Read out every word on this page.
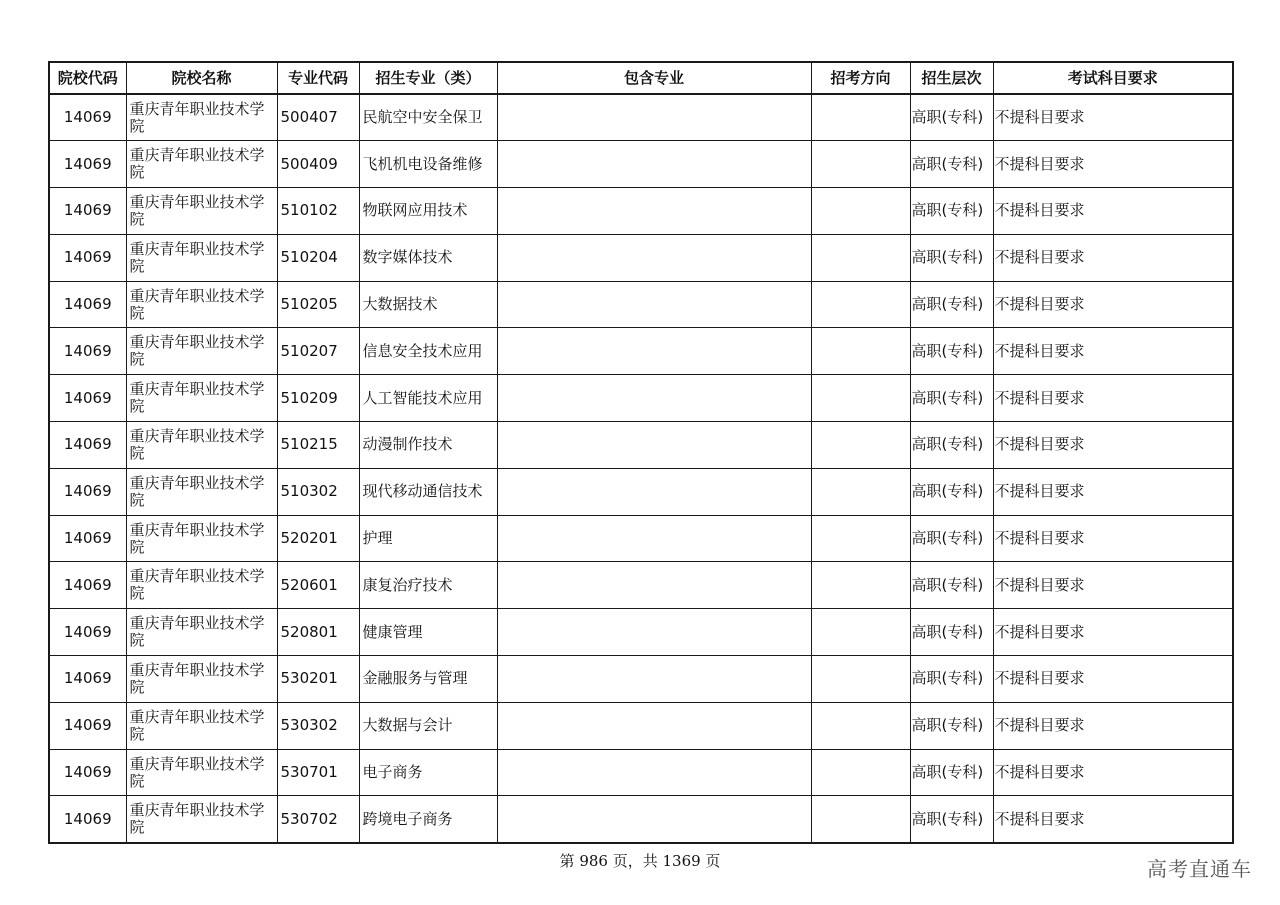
院校代码	院校名称	专业代码	招生专业（类）	包含专业	招考方向	招生层次	考试科目要求
14069	重庆青年职业技术学院	500407	民航空中安全保卫			高职(专科)	不提科目要求
14069	重庆青年职业技术学院	500409	飞机机电设备维修			高职(专科)	不提科目要求
14069	重庆青年职业技术学院	510102	物联网应用技术			高职(专科)	不提科目要求
14069	重庆青年职业技术学院	510204	数字媒体技术			高职(专科)	不提科目要求
14069	重庆青年职业技术学院	510205	大数据技术			高职(专科)	不提科目要求
14069	重庆青年职业技术学院	510207	信息安全技术应用			高职(专科)	不提科目要求
14069	重庆青年职业技术学院	510209	人工智能技术应用			高职(专科)	不提科目要求
14069	重庆青年职业技术学院	510215	动漫制作技术			高职(专科)	不提科目要求
14069	重庆青年职业技术学院	510302	现代移动通信技术			高职(专科)	不提科目要求
14069	重庆青年职业技术学院	520201	护理			高职(专科)	不提科目要求
14069	重庆青年职业技术学院	520601	康复治疗技术			高职(专科)	不提科目要求
14069	重庆青年职业技术学院	520801	健康管理			高职(专科)	不提科目要求
14069	重庆青年职业技术学院	530201	金融服务与管理			高职(专科)	不提科目要求
14069	重庆青年职业技术学院	530302	大数据与会计			高职(专科)	不提科目要求
14069	重庆青年职业技术学院	530701	电子商务			高职(专科)	不提科目要求
14069	重庆青年职业技术学院	530702	跨境电子商务			高职(专科)	不提科目要求
第 986 页，共 1369 页	高考直通车
